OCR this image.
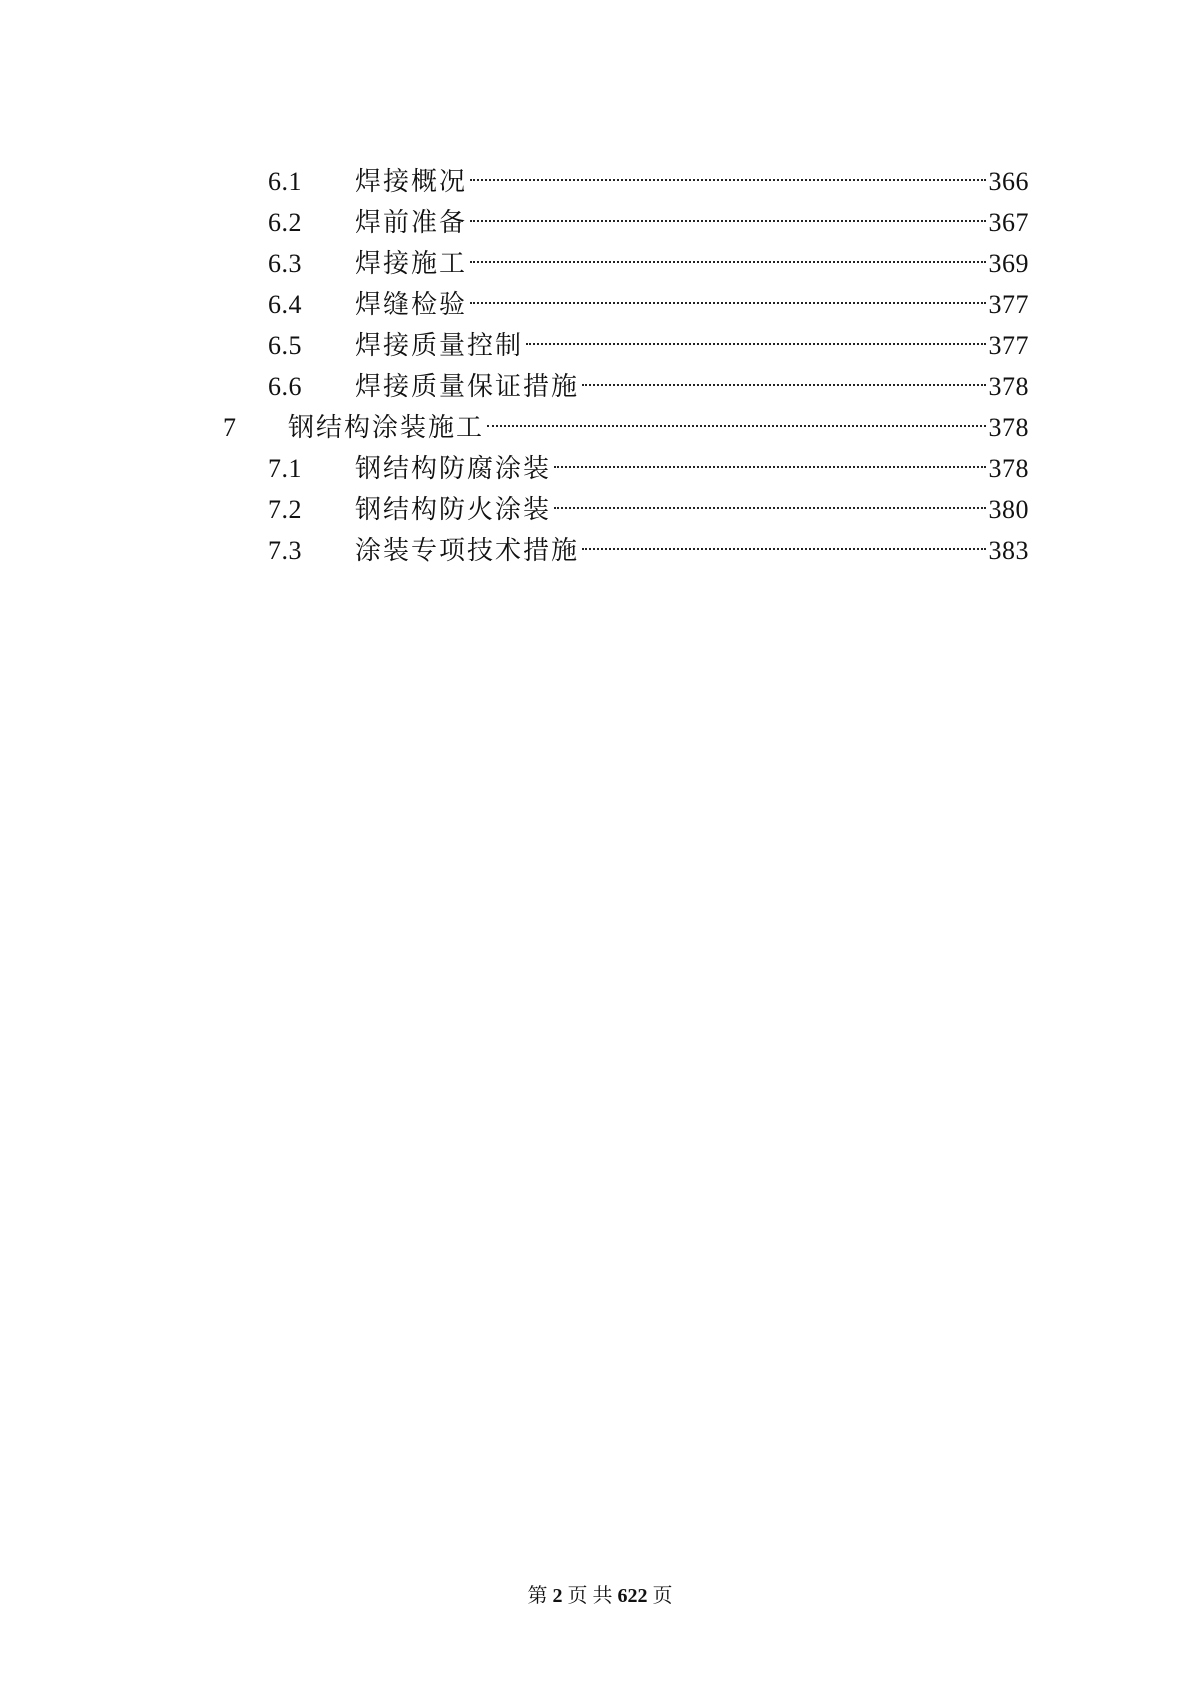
6.1	焊接概况	366
6.2	焊前准备	367
6.3	焊接施工	369
6.4	焊缝检验	377
6.5	焊接质量控制	377
6.6	焊接质量保证措施	378
7	钢结构涂装施工	378
7.1	钢结构防腐涂装	378
7.2	钢结构防火涂装	380
7.3	涂装专项技术措施	383
第 2 页 共 622 页
